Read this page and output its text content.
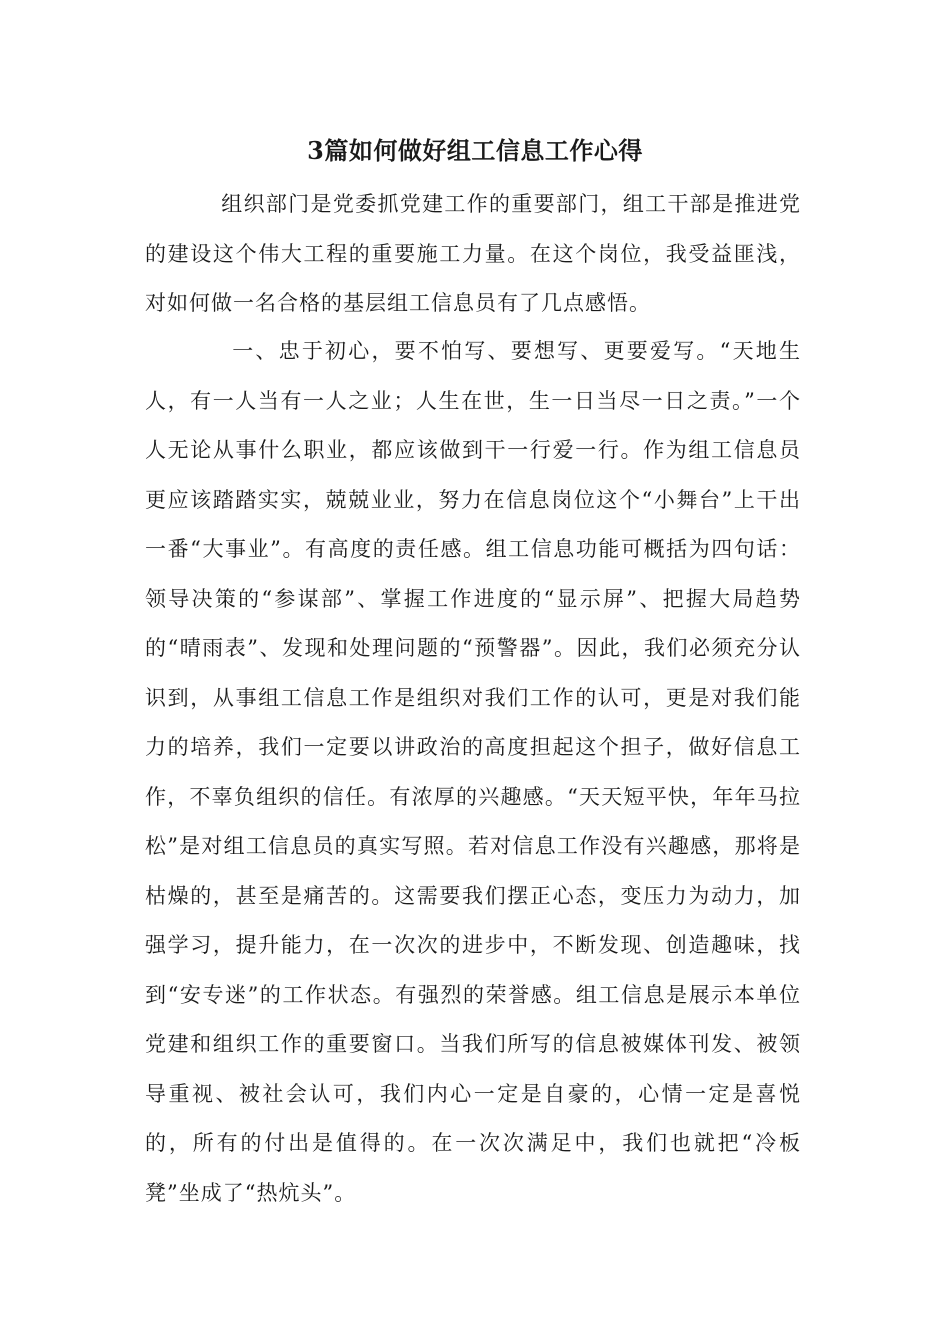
3篇如何做好组工信息工作心得
组织部门是党委抓党建工作的重要部门，组工干部是推进党的建设这个伟大工程的重要施工力量。在这个岗位，我受益匪浅，对如何做一名合格的基层组工信息员有了几点感悟。
一、忠于初心，要不怕写、要想写、更要爱写。“天地生人，有一人当有一人之业；人生在世，生一日当尽一日之责。”一个人无论从事什么职业，都应该做到干一行爱一行。作为组工信息员更应该踏踏实实，兢兢业业，努力在信息岗位这个“小舞台”上干出一番“大事业”。有高度的责任感。组工信息功能可概括为四句话：领导决策的“参谋部”、掌握工作进度的“显示屏”、把握大局趋势的“晴雨表”、发现和处理问题的“预警器”。因此，我们必须充分认识到，从事组工信息工作是组织对我们工作的认可，更是对我们能力的培养，我们一定要以讲政治的高度担起这个担子，做好信息工作，不辜负组织的信任。有浓厚的兴趣感。“天天短平快，年年马拉松”是对组工信息员的真实写照。若对信息工作没有兴趣感，那将是枯燥的，甚至是痛苦的。这需要我们摆正心态，变压力为动力，加强学习，提升能力，在一次次的进步中，不断发现、创造趣味，找到“安专迷”的工作状态。有强烈的荣誉感。组工信息是展示本单位党建和组织工作的重要窗口。当我们所写的信息被媒体刊发、被领导重视、被社会认可，我们内心一定是自豪的，心情一定是喜悦的，所有的付出是值得的。在一次次满足中，我们也就把“冷板凳”坐成了“热炕头”。
